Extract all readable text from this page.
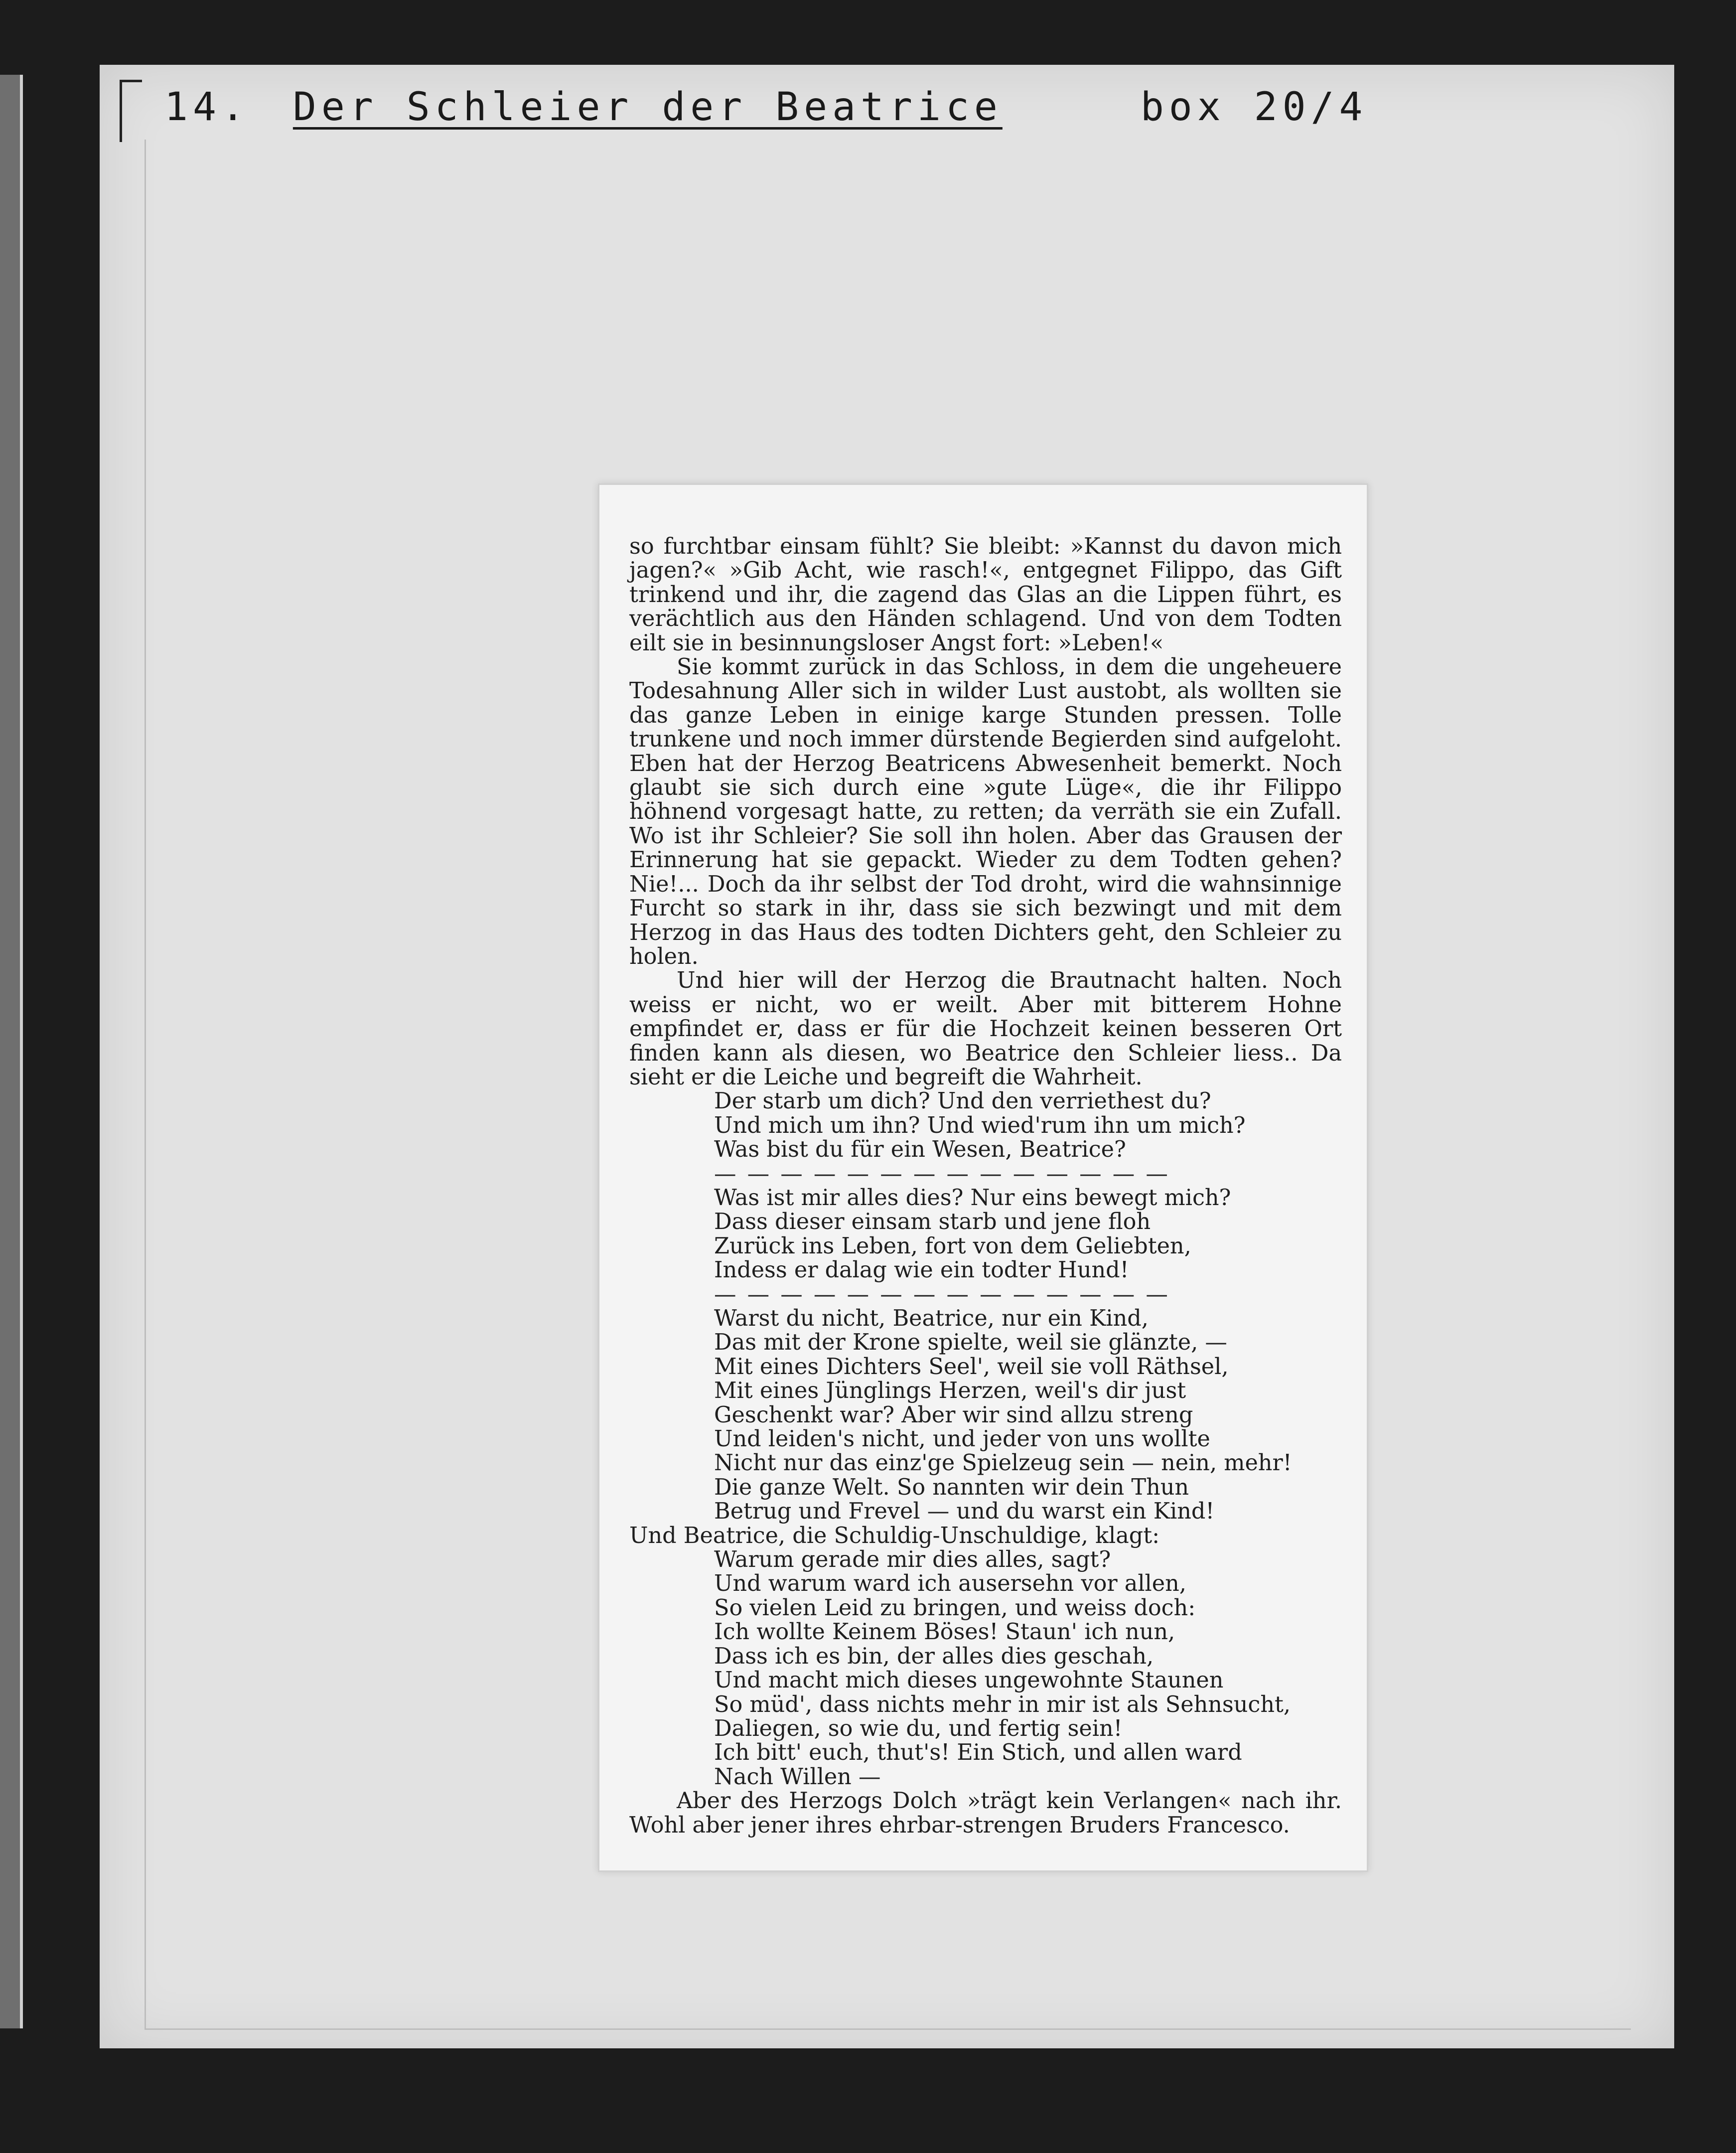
14. Der Schleier der Beatrice	box 20/4

so furchtbar einsam fühlt? Sie bleibt: »Kannst du davon mich jagen?« »Gib Acht, wie rasch!«, entgegnet Filippo, das Gift trinkend und ihr, die zagend das Glas an die Lippen führt, es verächtlich aus den Händen schlagend. Und von dem Todten eilt sie in besinnungsloser Angst fort: »Leben!«

Sie kommt zurück in das Schloss, in dem die ungeheuere Todesahnung Aller sich in wilder Lust austobt, als wollten sie das ganze Leben in einige karge Stunden pressen. Tolle trunkene und noch immer dürstende Begierden sind aufgeloht. Eben hat der Herzog Beatricens Abwesenheit bemerkt. Noch glaubt sie sich durch eine »gute Lüge«, die ihr Filippo höhnend vorgesagt hatte, zu retten; da verräth sie ein Zufall. Wo ist ihr Schleier? Sie soll ihn holen. Aber das Grausen der Erinnerung hat sie gepackt. Wieder zu dem Todten gehen? Nie!... Doch da ihr selbst der Tod droht, wird die wahnsinnige Furcht so stark in ihr, dass sie sich bezwingt und mit dem Herzog in das Haus des todten Dichters geht, den Schleier zu holen.

Und hier will der Herzog die Brautnacht halten. Noch weiss er nicht, wo er weilt. Aber mit bitterem Hohne empfindet er, dass er für die Hochzeit keinen besseren Ort finden kann als diesen, wo Beatrice den Schleier liess.. Da sieht er die Leiche und begreift die Wahrheit.

Der starb um dich? Und den verriethest du?
Und mich um ihn? Und wied'rum ihn um mich?
Was bist du für ein Wesen, Beatrice?
— — — — — — — — — — — — — —
Was ist mir alles dies? Nur eins bewegt mich?
Dass dieser einsam starb und jene floh
Zurück ins Leben, fort von dem Geliebten,
Indess er dalag wie ein todter Hund!
— — — — — — — — — — — — — —
Warst du nicht, Beatrice, nur ein Kind,
Das mit der Krone spielte, weil sie glänzte, —
Mit eines Dichters Seel', weil sie voll Räthsel,
Mit eines Jünglings Herzen, weil's dir just
Geschenkt war? Aber wir sind allzu streng
Und leiden's nicht, und jeder von uns wollte
Nicht nur das einz'ge Spielzeug sein — nein, mehr!
Die ganze Welt. So nannten wir dein Thun
Betrug und Frevel — und du warst ein Kind!

Und Beatrice, die Schuldig-Unschuldige, klagt:

Warum gerade mir dies alles, sagt?
Und warum ward ich ausersehn vor allen,
So vielen Leid zu bringen, und weiss doch:
Ich wollte Keinem Böses! Staun' ich nun,
Dass ich es bin, der alles dies geschah,
Und macht mich dieses ungewohnte Staunen
So müd', dass nichts mehr in mir ist als Sehnsucht,
Daliegen, so wie du, und fertig sein!
Ich bitt' euch, thut's! Ein Stich, und allen ward
Nach Willen —

Aber des Herzogs Dolch »trägt kein Verlangen« nach ihr. Wohl aber jener ihres ehrbar-strengen Bruders Francesco.
